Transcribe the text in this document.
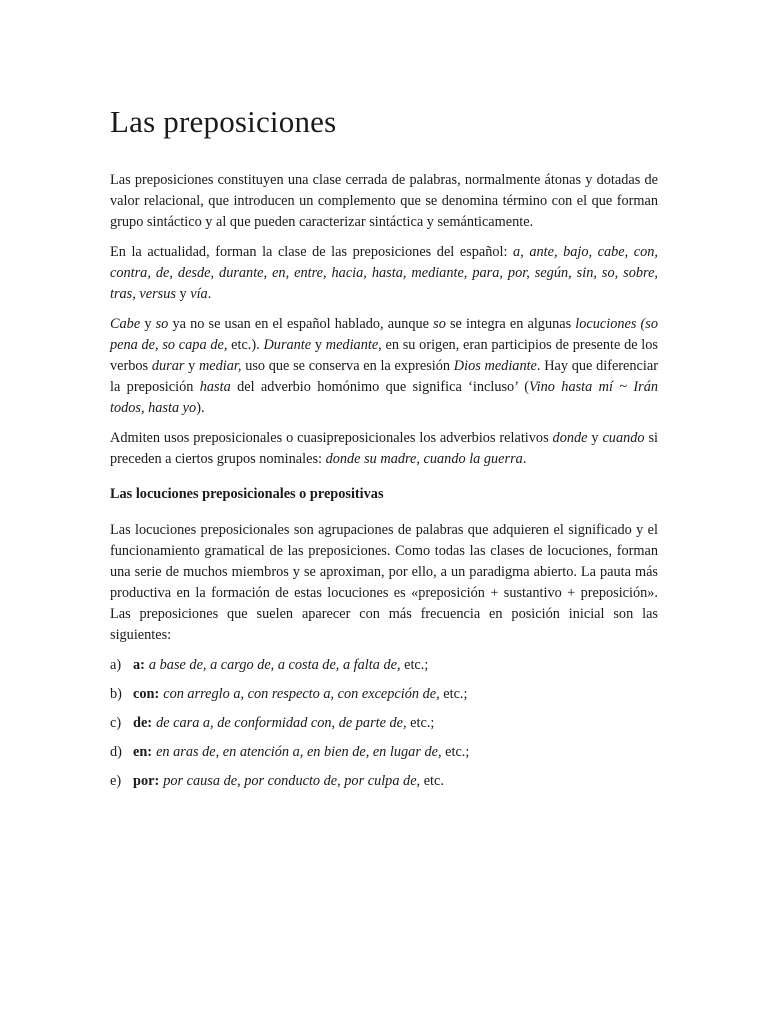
Las preposiciones

Las preposiciones constituyen una clase cerrada de palabras, normalmente átonas y dotadas de valor relacional, que introducen un complemento que se denomina término con el que forman grupo sintáctico y al que pueden caracterizar sintáctica y semánticamente.

En la actualidad, forman la clase de las preposiciones del español: a, ante, bajo, cabe, con, contra, de, desde, durante, en, entre, hacia, hasta, mediante, para, por, según, sin, so, sobre, tras, versus y vía.

Cabe y so ya no se usan en el español hablado, aunque so se integra en algunas locuciones (so pena de, so capa de, etc.). Durante y mediante, en su origen, eran participios de presente de los verbos durar y mediar, uso que se conserva en la expresión Dios mediante. Hay que diferenciar la preposición hasta del adverbio homónimo que significa ‘incluso’ (Vino hasta mí ~ Irán todos, hasta yo).

Admiten usos preposicionales o cuasipreposicionales los adverbios relativos donde y cuando si preceden a ciertos grupos nominales: donde su madre, cuando la guerra.

Las locuciones preposicionales o prepositivas

Las locuciones preposicionales son agrupaciones de palabras que adquieren el significado y el funcionamiento gramatical de las preposiciones. Como todas las clases de locuciones, forman una serie de muchos miembros y se aproximan, por ello, a un paradigma abierto. La pauta más productiva en la formación de estas locuciones es «preposición + sustantivo + preposición». Las preposiciones que suelen aparecer con más frecuencia en posición inicial son las siguientes:

a) a: a base de, a cargo de, a costa de, a falta de, etc.;
b) con: con arreglo a, con respecto a, con excepción de, etc.;
c) de: de cara a, de conformidad con, de parte de, etc.;
d) en: en aras de, en atención a, en bien de, en lugar de, etc.;
e) por: por causa de, por conducto de, por culpa de, etc.
